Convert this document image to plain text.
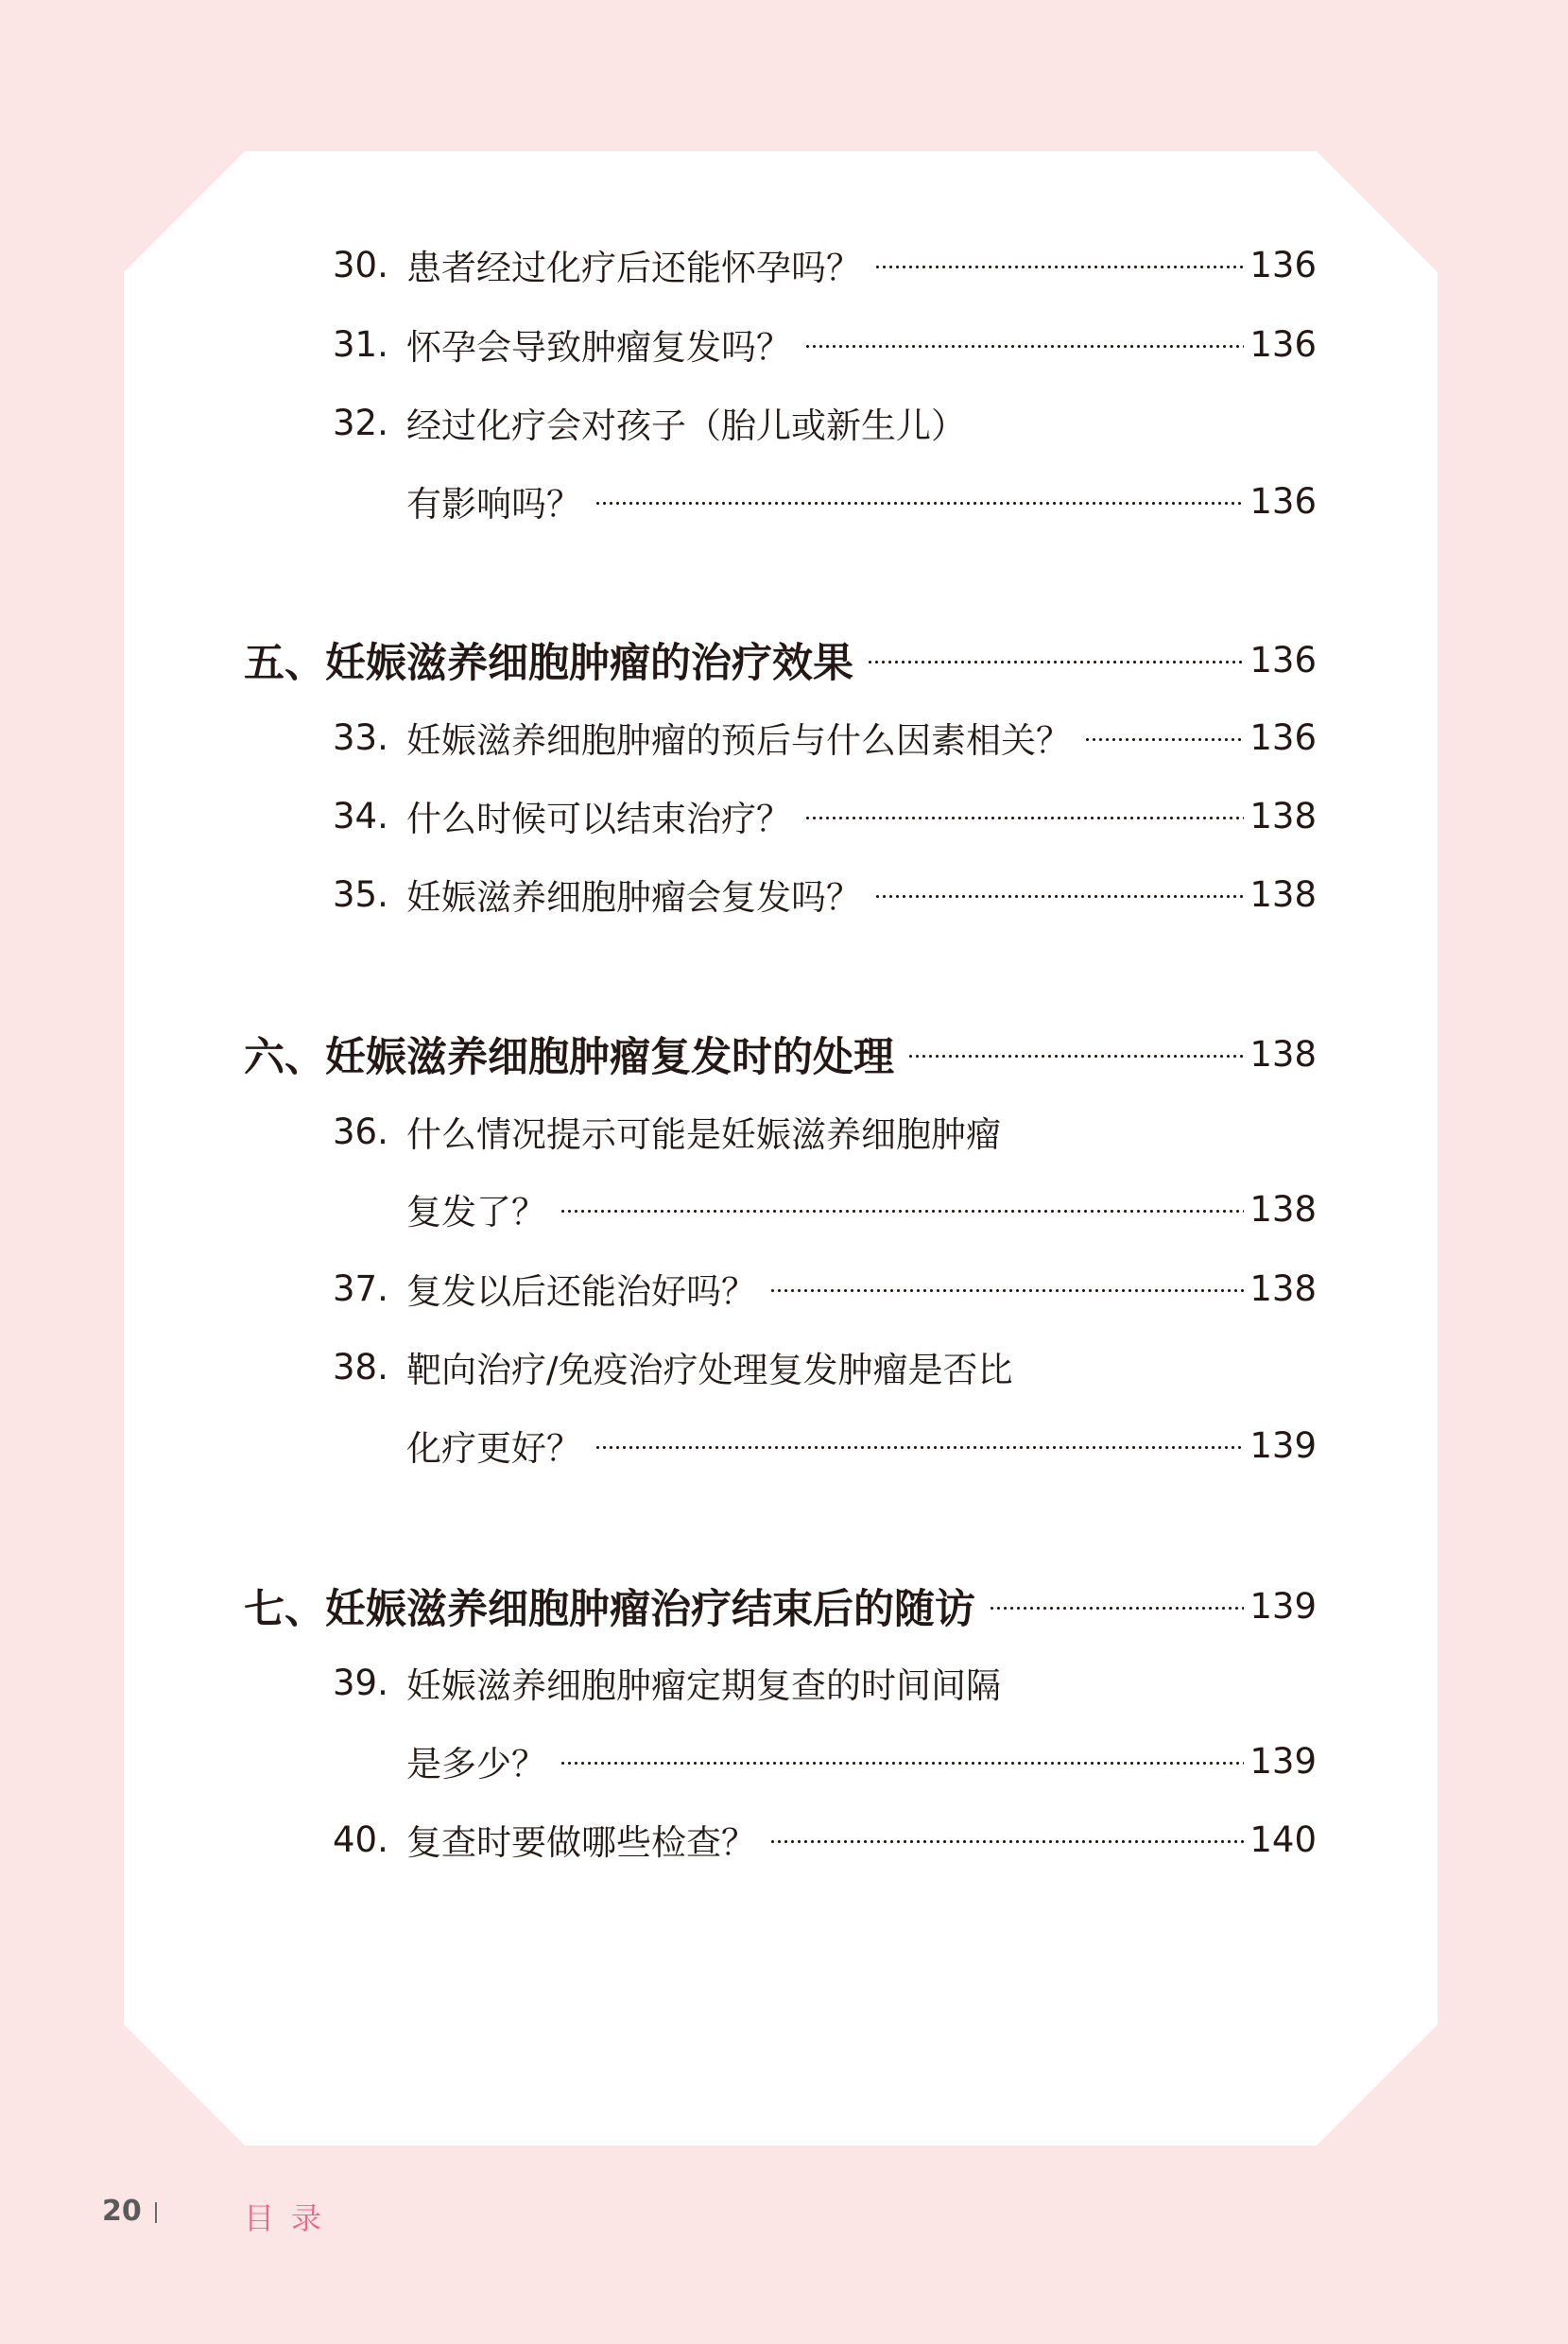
30. 患者经过化疗后还能怀孕吗？	136
31. 怀孕会导致肿瘤复发吗？	136
32. 经过化疗会对孩子（胎儿或新生儿）
有影响吗？	136
五、妊娠滋养细胞肿瘤的治疗效果	136
33. 妊娠滋养细胞肿瘤的预后与什么因素相关？	136
34. 什么时候可以结束治疗？	138
35. 妊娠滋养细胞肿瘤会复发吗？	138
六、妊娠滋养细胞肿瘤复发时的处理	138
36. 什么情况提示可能是妊娠滋养细胞肿瘤
复发了？	138
37. 复发以后还能治好吗？	138
38. 靶向治疗/免疫治疗处理复发肿瘤是否比
化疗更好？	139
七、妊娠滋养细胞肿瘤治疗结束后的随访	139
39. 妊娠滋养细胞肿瘤定期复查的时间间隔
是多少？	139
40. 复查时要做哪些检查？	140
20	目录
